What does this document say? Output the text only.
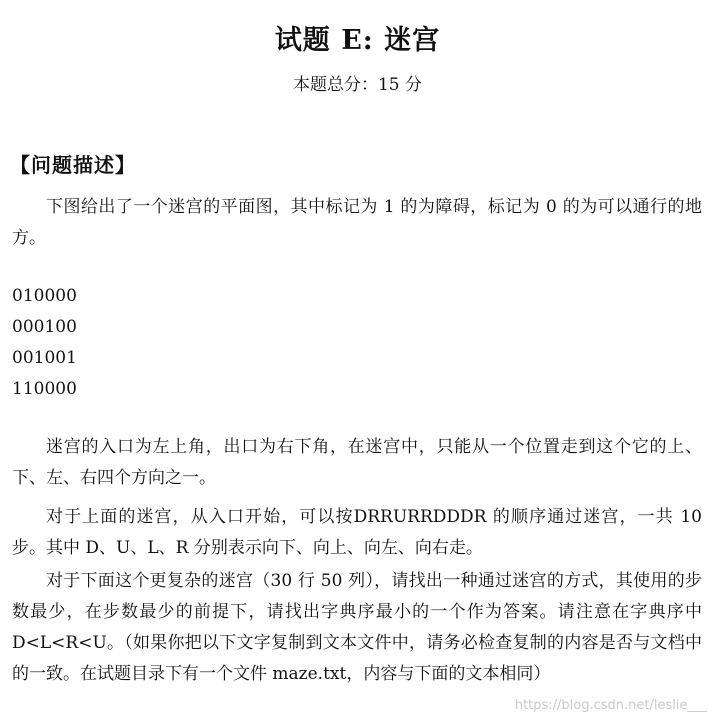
试题 E: 迷宫
本题总分：15 分
【问题描述】

下图给出了一个迷宫的平面图，其中标记为 1 的为障碍，标记为 0 的为可以通行的地方。

010000
000100
001001
110000

迷宫的入口为左上角，出口为右下角，在迷宫中，只能从一个位置走到这个它的上、下、左、右四个方向之一。

对于上面的迷宫，从入口开始，可以按DRRURRDDDR 的顺序通过迷宫，一共 10 步。其中 D、U、L、R 分别表示向下、向上、向左、向右走。

对于下面这个更复杂的迷宫（30 行 50 列），请找出一种通过迷宫的方式，其使用的步数最少，在步数最少的前提下，请找出字典序最小的一个作为答案。请注意在字典序中D<L<R<U。（如果你把以下文字复制到文本文件中，请务必检查复制的内容是否与文档中的一致。在试题目录下有一个文件 maze.txt，内容与下面的文本相同）

https://blog.csdn.net/leslie___
